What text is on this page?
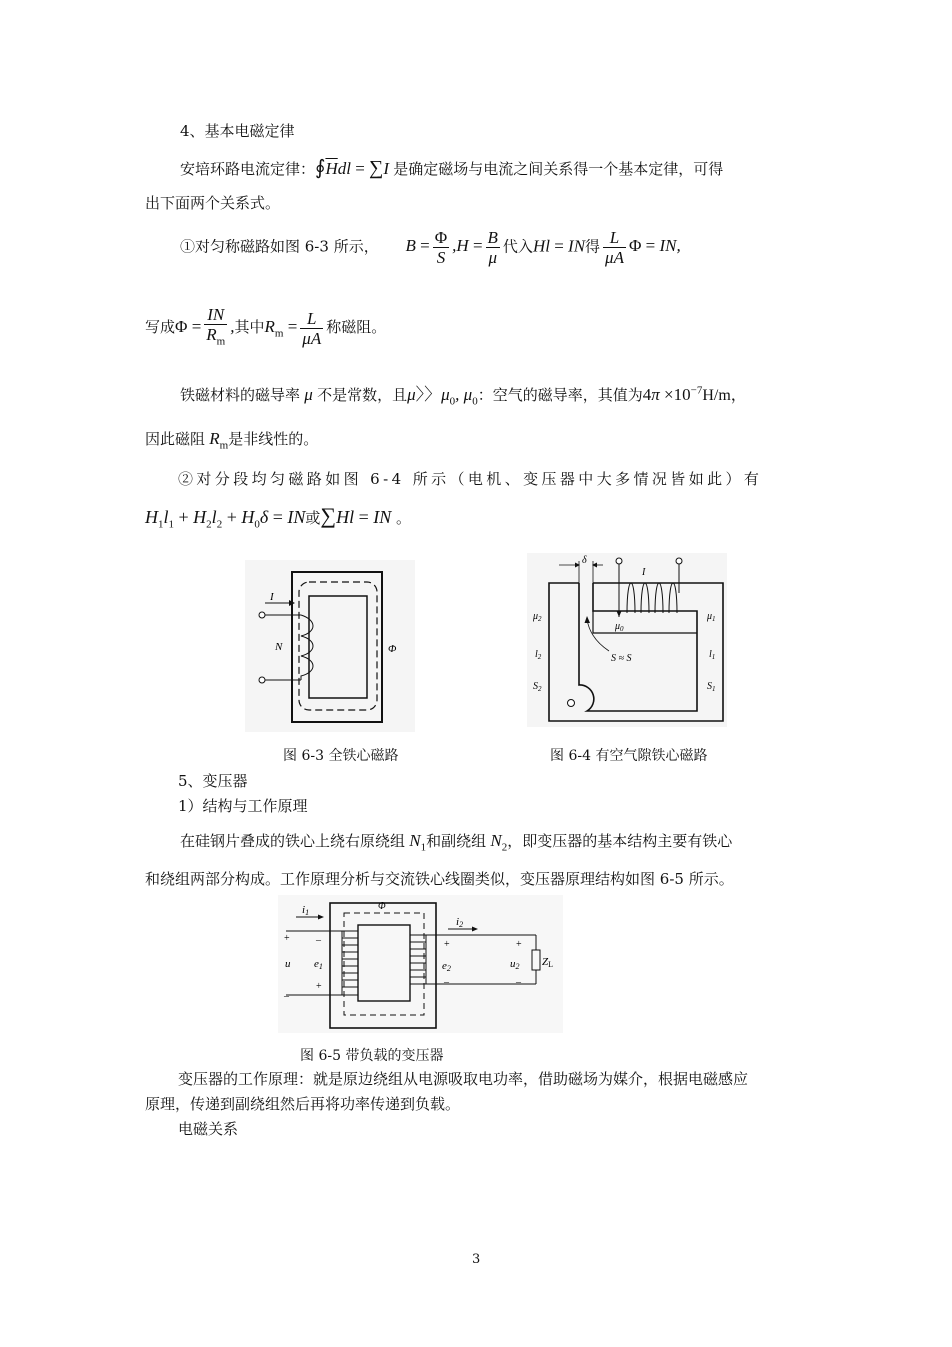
4、基本电磁定律
安培环路电流定律：$∮\overline{H}dl = \sum I$ 是确定磁场与电流之间关系得一个基本定律，可得
出下面两个关系式。
①对匀称磁路如图 6-3 所示， $B = \frac{\Phi}{S} ,H = \frac{B}{\mu}$ 代入Hl = IN得 $\frac{L}{\mu A}$ Φ = IN,
写成$\Phi = \frac{IN}{R_m}$ ,其中$R_m = \frac{L}{\mu A}$ 称磁阻。
铁磁材料的磁导率 μ 不是常数，且μ〉〉$\mu_0$, $\mu_0$：空气的磁导率，其值为$4\pi \times 10^{-7}H/m$，
因此磁阻 $R_m$是非线性的。
②对分段均匀磁路如图 6-4 所示（电机、变压器中大多情况皆如此）有
$H_1l_1 + H_2l_2 + H_0\delta$ = IN或∑Hl = IN 。
I
N	Φ
图 6-3 全铁心磁路
δ
I
$\mu_2$	$\mu_1$
$\mu_0$
$l_2$	$l_1$
S ≈ S
$S_2$	$S_1$
图 6-4 有空气隙铁心磁路
5、变压器
1）结构与工作原理
在硅钢片叠成的铁心上绕右原绕组 $N_1$和副绕组 $N_2$，即变压器的基本结构主要有铁心
和绕组两部分构成。工作原理分析与交流铁心线圈类似，变压器原理结构如图 6-5 所示。
i1
i2
Φ
+
u
–
–
e1
+
+
e2
–
+
u2
–
ZL
图 6-5 带负载的变压器
变压器的工作原理：就是原边绕组从电源吸取电功率，借助磁场为媒介，根据电磁感应
原理，传递到副绕组然后再将功率传递到负载。
电磁关系
3
